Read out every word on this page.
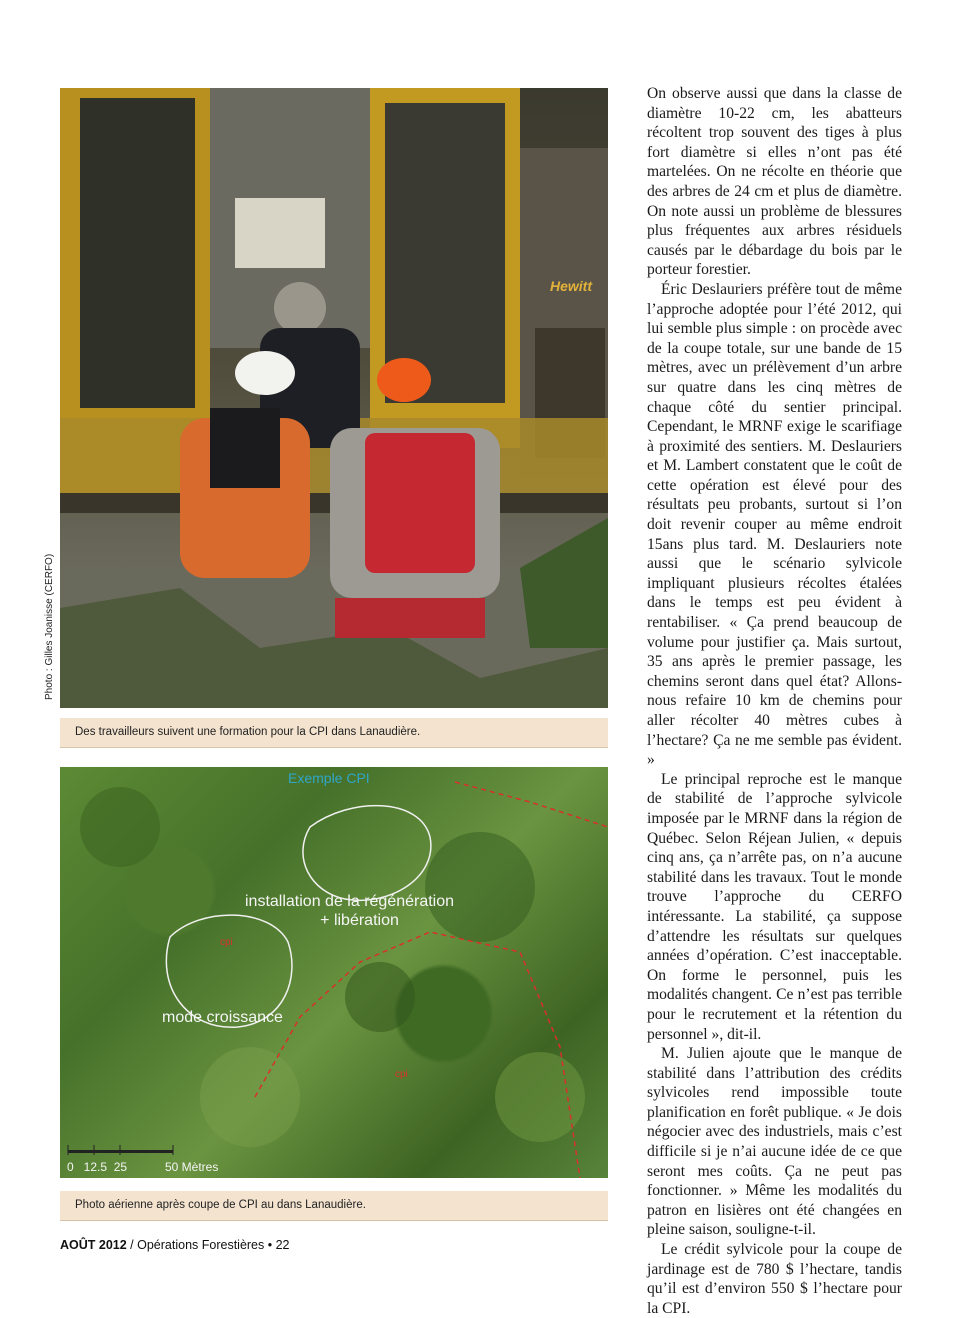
Photo : Gilles Joanisse (CERFO)
Hewitt
Des travailleurs suivent une formation pour la CPI dans Lanaudière.
Exemple CPI
installation de la régénération
+ libération
cpi
mode croissance
cpi
0   12.5  25	50 Mètres
Photo aérienne après coupe de CPI au dans Lanaudière.

On observe aussi que dans la classe de diamètre 10-22 cm, les abatteurs récoltent trop souvent des tiges à plus fort diamètre si elles n’ont pas été martelées. On ne récolte en théorie que des arbres de 24 cm et plus de diamètre. On note aussi un problème de blessures plus fréquentes aux arbres résiduels causés par le débardage du bois par le porteur forestier.

Éric Deslauriers préfère tout de même l’approche adoptée pour l’été 2012, qui lui semble plus simple : on procède avec de la coupe totale, sur une bande de 15 mètres, avec un prélèvement d’un arbre sur quatre dans les cinq mètres de chaque côté du sentier principal. Cependant, le MRNF exige le scarifiage à proximité des sentiers. M. Deslauriers et M. Lambert constatent que le coût de cette opération est élevé pour des résultats peu probants, surtout si l’on doit revenir couper au même endroit 15ans plus tard. M. Deslauriers note aussi que le scénario sylvicole impliquant plusieurs récoltes étalées dans le temps est peu évident à rentabiliser. « Ça prend beaucoup de volume pour justifier ça. Mais surtout, 35 ans après le premier passage, les chemins seront dans quel état? Allons-nous refaire 10 km de chemins pour aller récolter 40 mètres cubes à l’hectare? Ça ne me semble pas évident. »

Le principal reproche est le manque de stabilité de l’approche sylvicole imposée par le MRNF dans la région de Québec. Selon Réjean Julien, « depuis cinq ans, ça n’arrête pas, on n’a aucune stabilité dans les travaux. Tout le monde trouve l’approche du CERFO intéressante. La stabilité, ça suppose d’attendre les résultats sur quelques années d’opération. C’est inacceptable. On forme le personnel, puis les modalités changent. Ce n’est pas terrible pour le recrutement et la rétention du personnel », dit-il.

M. Julien ajoute que le manque de stabilité dans l’attribution des crédits sylvicoles rend impossible toute planification en forêt publique. « Je dois négocier avec des industriels, mais c’est difficile si je n’ai aucune idée de ce que seront mes coûts. Ça ne peut pas fonctionner. » Même les modalités du patron en lisières ont été changées en pleine saison, souligne-t-il.

Le crédit sylvicole pour la coupe de jardinage est de 780 $ l’hectare, tandis qu’il est d’environ 550 $ l’hectare pour la CPI.

AOÛT 2012 / Opérations Forestières • 22
